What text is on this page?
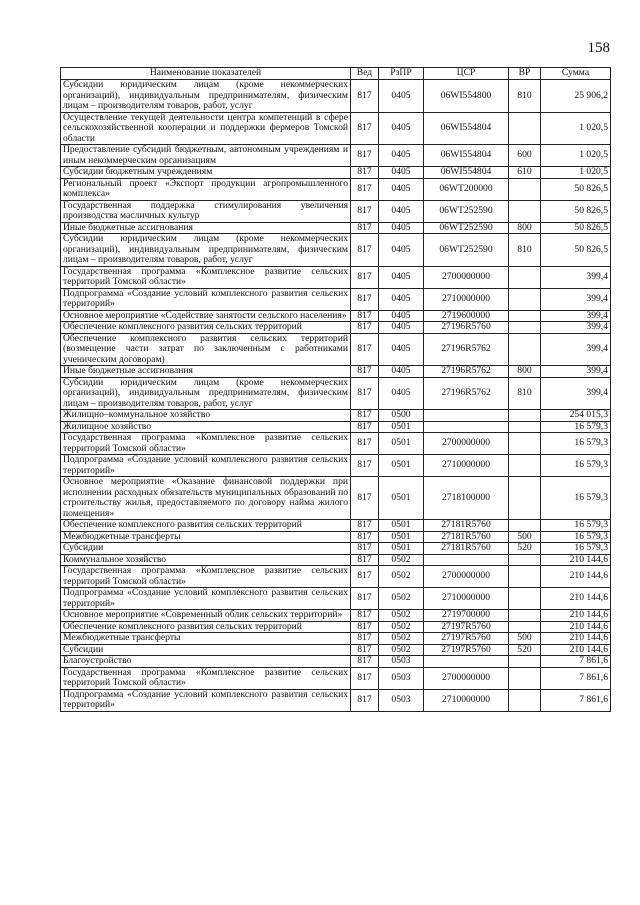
158
Наименование показателей	Вед	РзПР	ЦСР	ВР	Сумма
Субсидии юридическим лицам (кроме некоммерческих организаций), индивидуальным предпринимателям, физическим лицам – производителям товаров, работ, услуг	817	0405	06WI554800	810	25 906,2
Осуществление текущей деятельности центра компетенций в сфере сельскохозяйственной кооперации и поддержки фермеров Томской области	817	0405	06WI554804		1 020,5
Предоставление субсидий бюджетным, автономным учреждениям и иным некоммерческим организациям	817	0405	06WI554804	600	1 020,5
Субсидии бюджетным учреждениям	817	0405	06WI554804	610	1 020,5
Региональный проект «Экспорт продукции агропромышленного комплекса»	817	0405	06WT200000		50 826,5
Государственная поддержка стимулирования увеличения производства масличных культур	817	0405	06WT252590		50 826,5
Иные бюджетные ассигнования	817	0405	06WT252590	800	50 826,5
Субсидии юридическим лицам (кроме некоммерческих организаций), индивидуальным предпринимателям, физическим лицам – производителям товаров, работ, услуг	817	0405	06WT252590	810	50 826,5
Государственная программа «Комплексное развитие сельских территорий Томской области»	817	0405	2700000000		399,4
Подпрограмма «Создание условий комплексного развития сельских территорий»	817	0405	2710000000		399,4
Основное мероприятие «Содействие занятости сельского населения»	817	0405	2719600000		399,4
Обеспечение комплексного развития сельских территорий	817	0405	27196R5760		399,4
Обеспечение комплексного развития сельских территорий (возмещение части затрат по заключенным с работниками ученическим договорам)	817	0405	27196R5762		399,4
Иные бюджетные ассигнования	817	0405	27196R5762	800	399,4
Субсидии юридическим лицам (кроме некоммерческих организаций), индивидуальным предпринимателям, физическим лицам – производителям товаров, работ, услуг	817	0405	27196R5762	810	399,4
Жилищно–коммунальное хозяйство	817	0500			254 015,3
Жилищное хозяйство	817	0501			16 579,3
Государственная программа «Комплексное развитие сельских территорий Томской области»	817	0501	2700000000		16 579,3
Подпрограмма «Создание условий комплексного развития сельских территорий»	817	0501	2710000000		16 579,3
Основное мероприятие «Оказание финансовой поддержки при исполнении расходных обязательств муниципальных образований по строительству жилья, предоставляемого по договору найма жилого помещения»	817	0501	2718100000		16 579,3
Обеспечение комплексного развития сельских территорий	817	0501	27181R5760		16 579,3
Межбюджетные трансферты	817	0501	27181R5760	500	16 579,3
Субсидии	817	0501	27181R5760	520	16 579,3
Коммунальное хозяйство	817	0502			210 144,6
Государственная программа «Комплексное развитие сельских территорий Томской области»	817	0502	2700000000		210 144,6
Подпрограмма «Создание условий комплексного развития сельских территорий»	817	0502	2710000000		210 144,6
Основное мероприятие «Современный облик сельских территорий»	817	0502	2719700000		210 144,6
Обеспечение комплексного развития сельских территорий	817	0502	27197R5760		210 144,6
Межбюджетные трансферты	817	0502	27197R5760	500	210 144,6
Субсидии	817	0502	27197R5760	520	210 144,6
Благоустройство	817	0503			7 861,6
Государственная программа «Комплексное развитие сельских территорий Томской области»	817	0503	2700000000		7 861,6
Подпрограмма «Создание условий комплексного развития сельских территорий»	817	0503	2710000000		7 861,6
